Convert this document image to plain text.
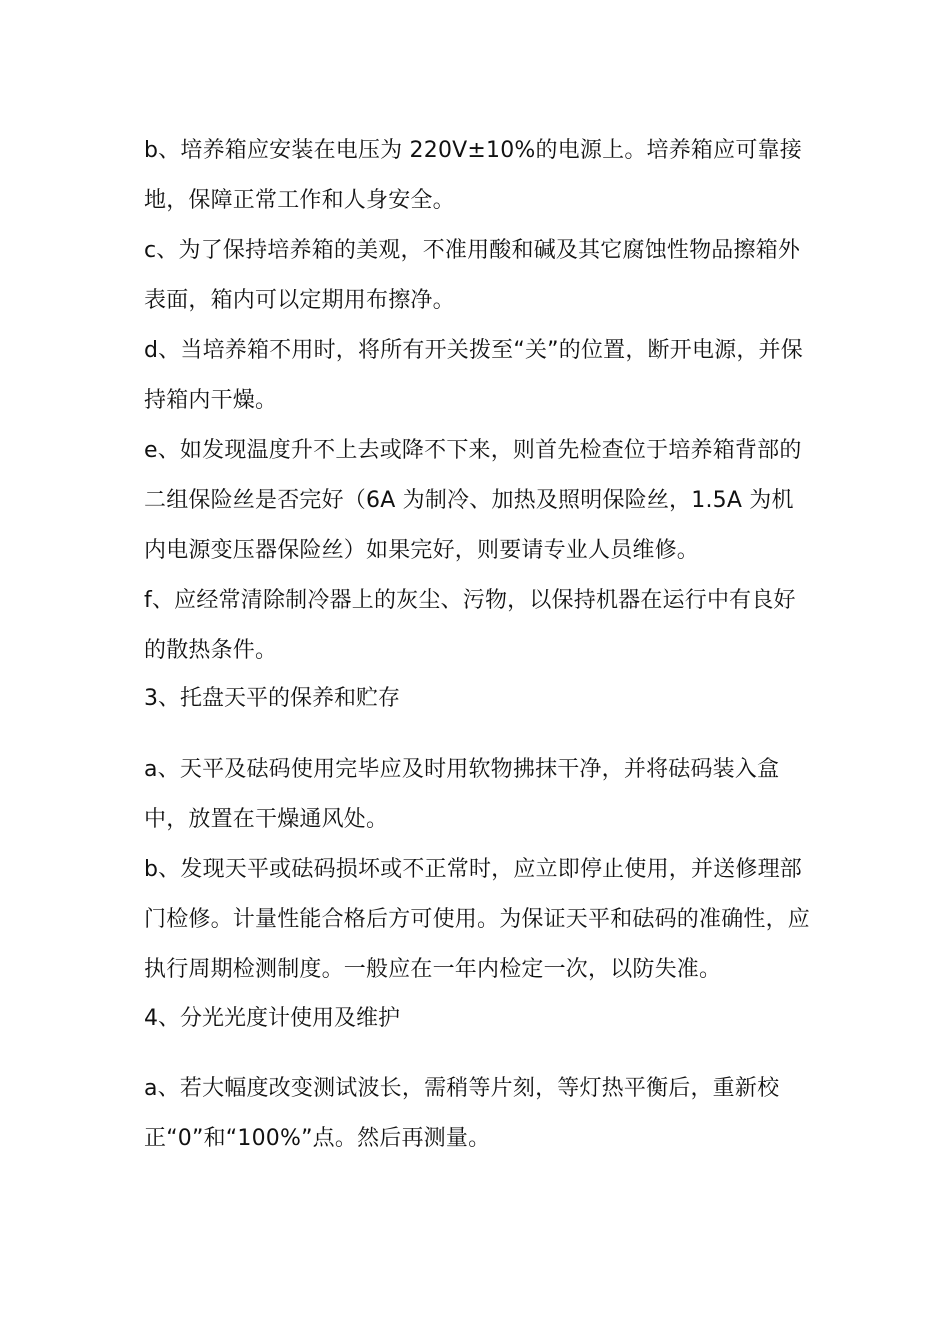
b、培养箱应安装在电压为 220V±10%的电源上。培养箱应可靠接地，保障正常工作和人身安全。
c、为了保持培养箱的美观，不准用酸和碱及其它腐蚀性物品擦箱外表面，箱内可以定期用布擦净。
d、当培养箱不用时，将所有开关拨至“关”的位置，断开电源，并保持箱内干燥。
e、如发现温度升不上去或降不下来，则首先检查位于培养箱背部的二组保险丝是否完好（6A 为制冷、加热及照明保险丝，1.5A 为机内电源变压器保险丝）如果完好，则要请专业人员维修。
f、应经常清除制冷器上的灰尘、污物，以保持机器在运行中有良好的散热条件。
3、托盘天平的保养和贮存
a、天平及砝码使用完毕应及时用软物拂抹干净，并将砝码装入盒中，放置在干燥通风处。
b、发现天平或砝码损坏或不正常时，应立即停止使用，并送修理部门检修。计量性能合格后方可使用。为保证天平和砝码的准确性，应执行周期检测制度。一般应在一年内检定一次，以防失准。
4、分光光度计使用及维护
a、若大幅度改变测试波长，需稍等片刻，等灯热平衡后，重新校正“0”和“100%”点。然后再测量。
